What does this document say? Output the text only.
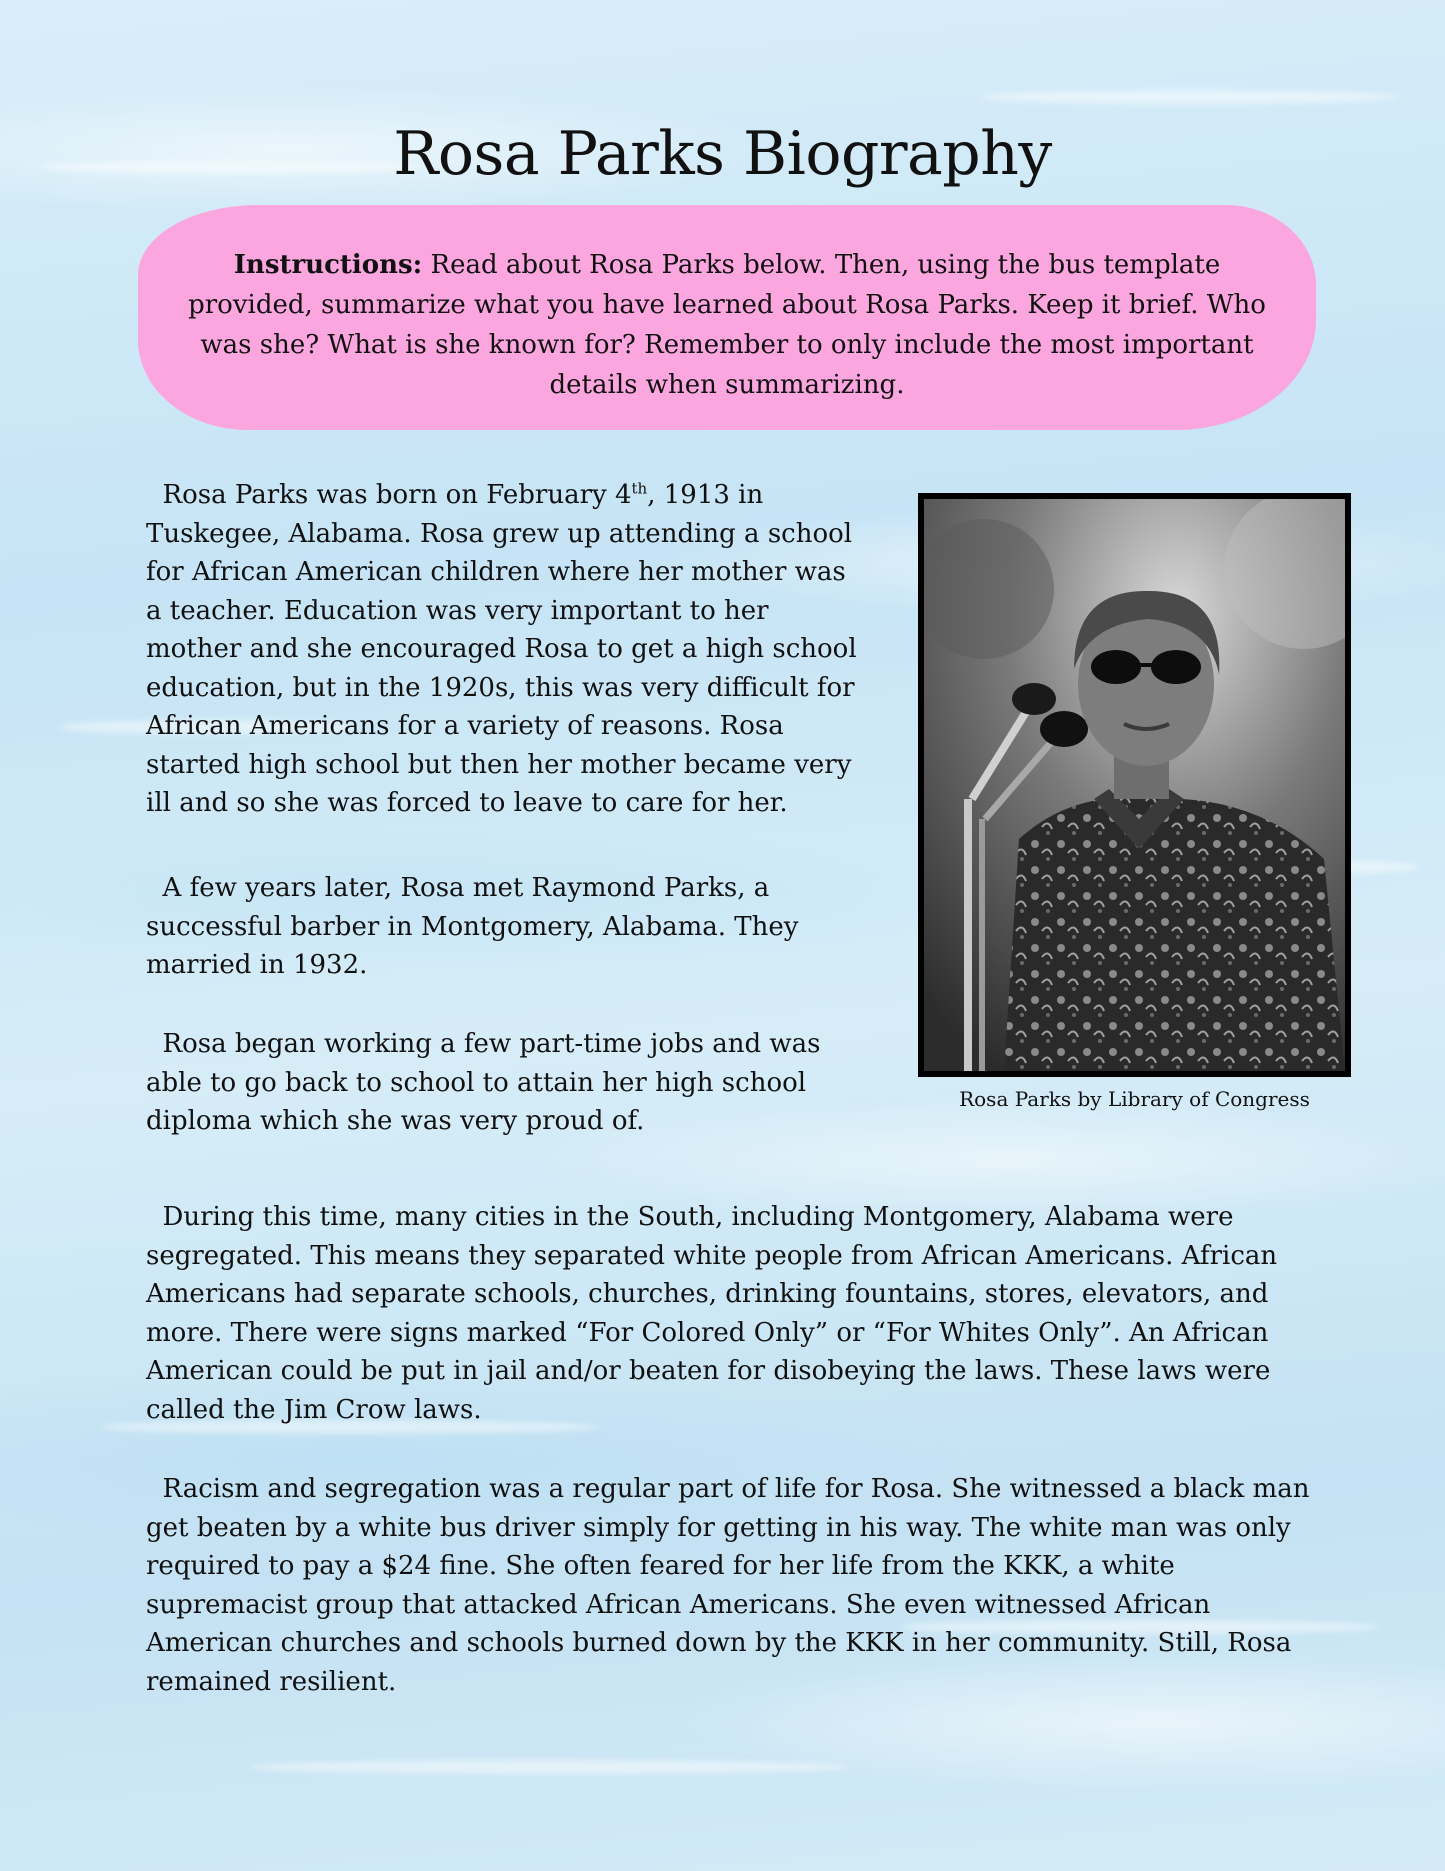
Rosa Parks Biography
Instructions: Read about Rosa Parks below. Then, using the bus template provided, summarize what you have learned about Rosa Parks. Keep it brief. Who was she? What is she known for? Remember to only include the most important details when summarizing.

Rosa Parks was born on February 4th, 1913 in Tuskegee, Alabama. Rosa grew up attending a school for African American children where her mother was a teacher. Education was very important to her mother and she encouraged Rosa to get a high school education, but in the 1920s, this was very difficult for African Americans for a variety of reasons. Rosa started high school but then her mother became very ill and so she was forced to leave to care for her.

A few years later, Rosa met Raymond Parks, a successful barber in Montgomery, Alabama. They married in 1932.

Rosa began working a few part-time jobs and was able to go back to school to attain her high school diploma which she was very proud of.

Rosa Parks by Library of Congress

During this time, many cities in the South, including Montgomery, Alabama were segregated. This means they separated white people from African Americans. African Americans had separate schools, churches, drinking fountains, stores, elevators, and more. There were signs marked “For Colored Only” or “For Whites Only”. An African American could be put in jail and/or beaten for disobeying the laws. These laws were called the Jim Crow laws.

Racism and segregation was a regular part of life for Rosa. She witnessed a black man get beaten by a white bus driver simply for getting in his way. The white man was only required to pay a $24 fine. She often feared for her life from the KKK, a white supremacist group that attacked African Americans. She even witnessed African American churches and schools burned down by the KKK in her community. Still, Rosa remained resilient.
